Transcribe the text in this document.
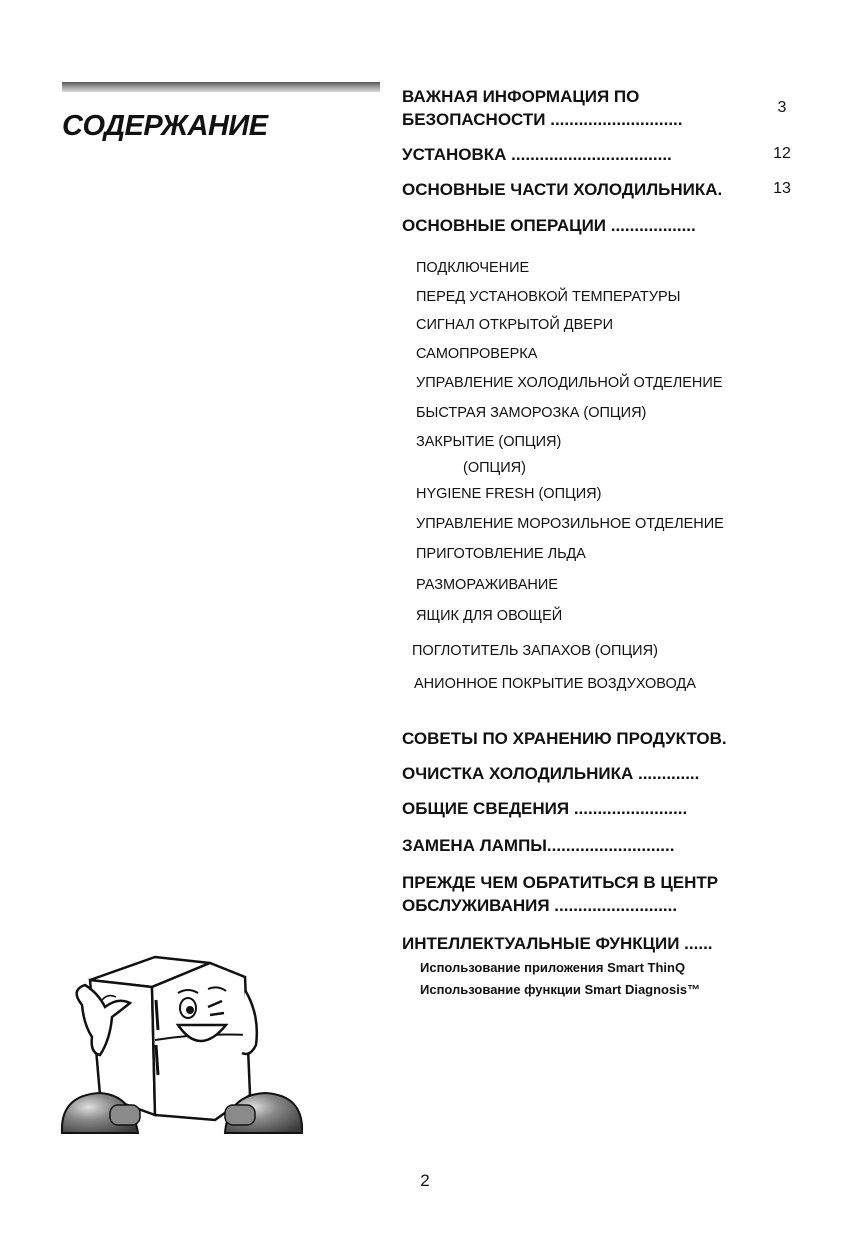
СОДЕРЖАНИЕ
ВАЖНАЯ ИНФОРМАЦИЯ ПО
БЕЗОПАСНОСТИ ............................
3
УСТАНОВКА ..................................	12
ОСНОВНЫЕ ЧАСТИ ХОЛОДИЛЬНИКА.	13
ОСНОВНЫЕ ОПЕРАЦИИ ..................
ПОДКЛЮЧЕНИЕ
ПЕРЕД УСТАНОВКОЙ ТЕМПЕРАТУРЫ
СИГНАЛ ОТКРЫТОЙ ДВЕРИ
САМОПРОВЕРКА
УПРАВЛЕНИЕ ХОЛОДИЛЬНОЙ ОТДЕЛЕНИЕ
БЫСТРАЯ ЗАМОРОЗКА (ОПЦИЯ)
ЗАКРЫТИЕ (ОПЦИЯ)
(ОПЦИЯ)
HYGIENE FRESH (ОПЦИЯ)
УПРАВЛЕНИЕ МОРОЗИЛЬНОЕ ОТДЕЛЕНИЕ
ПРИГОТОВЛЕНИЕ ЛЬДА
РАЗМОРАЖИВАНИЕ
ЯЩИК ДЛЯ ОВОЩЕЙ
ПОГЛОТИТЕЛЬ ЗАПАХОВ (ОПЦИЯ)
АНИОННОЕ ПОКРЫТИЕ ВОЗДУХОВОДА
СОВЕТЫ ПО ХРАНЕНИЮ ПРОДУКТОВ.
ОЧИСТКА ХОЛОДИЛЬНИКА .............
ОБЩИЕ СВЕДЕНИЯ ........................
ЗАМЕНА ЛАМПЫ...........................
ПРЕЖДЕ ЧЕМ ОБРАТИТЬСЯ В ЦЕНТР
ОБСЛУЖИВАНИЯ ..........................
ИНТЕЛЛЕКТУАЛЬНЫЕ ФУНКЦИИ ......
Использование приложения Smart ThinQ
Использование функции Smart Diagnosis™
2
